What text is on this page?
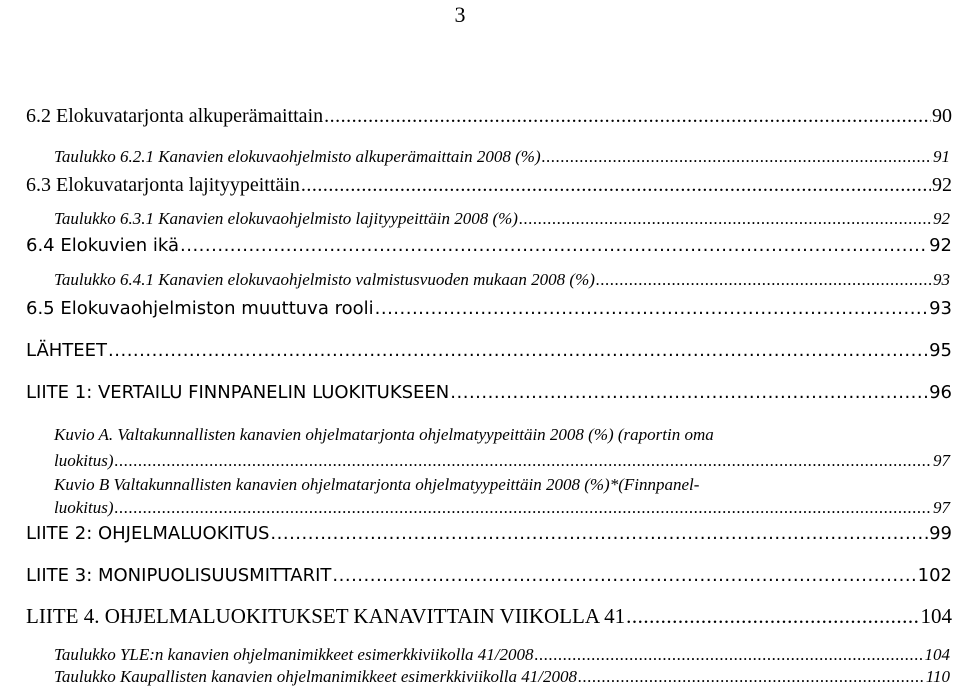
3
6.2 Elokuvatarjonta alkuperämaittain .....	90
Taulukko 6.2.1 Kanavien elokuvaohjelmisto alkuperämaittain 2008 (%) .....	91
6.3 Elokuvatarjonta lajityypeittäin .....	92
Taulukko 6.3.1 Kanavien elokuvaohjelmisto lajityypeittäin 2008 (%) .....	92
6.4 Elokuvien ikä .....	92
Taulukko 6.4.1 Kanavien elokuvaohjelmisto valmistusvuoden mukaan 2008 (%) .....	93
6.5 Elokuvaohjelmiston muuttuva rooli .....	93
LÄHTEET .....	95
LIITE 1: VERTAILU FINNPANELIN LUOKITUKSEEN .....	96
Kuvio A. Valtakunnallisten kanavien ohjelmatarjonta ohjelmatyypeittäin 2008 (%) (raportin oma
luokitus) .....	97
Kuvio B Valtakunnallisten kanavien ohjelmatarjonta ohjelmatyypeittäin 2008 (%)*(Finnpanel-
luokitus) .....	97
LIITE 2: OHJELMALUOKITUS .....	99
LIITE 3: MONIPUOLISUUSMITTARIT .....	102
LIITE 4. OHJELMALUOKITUKSET KANAVITTAIN VIIKOLLA 41 .....	104
Taulukko YLE:n kanavien ohjelmanimikkeet esimerkkiviikolla 41/2008 .....	104
Taulukko Kaupallisten kanavien ohjelmanimikkeet esimerkkiviikolla 41/2008 .....	110
